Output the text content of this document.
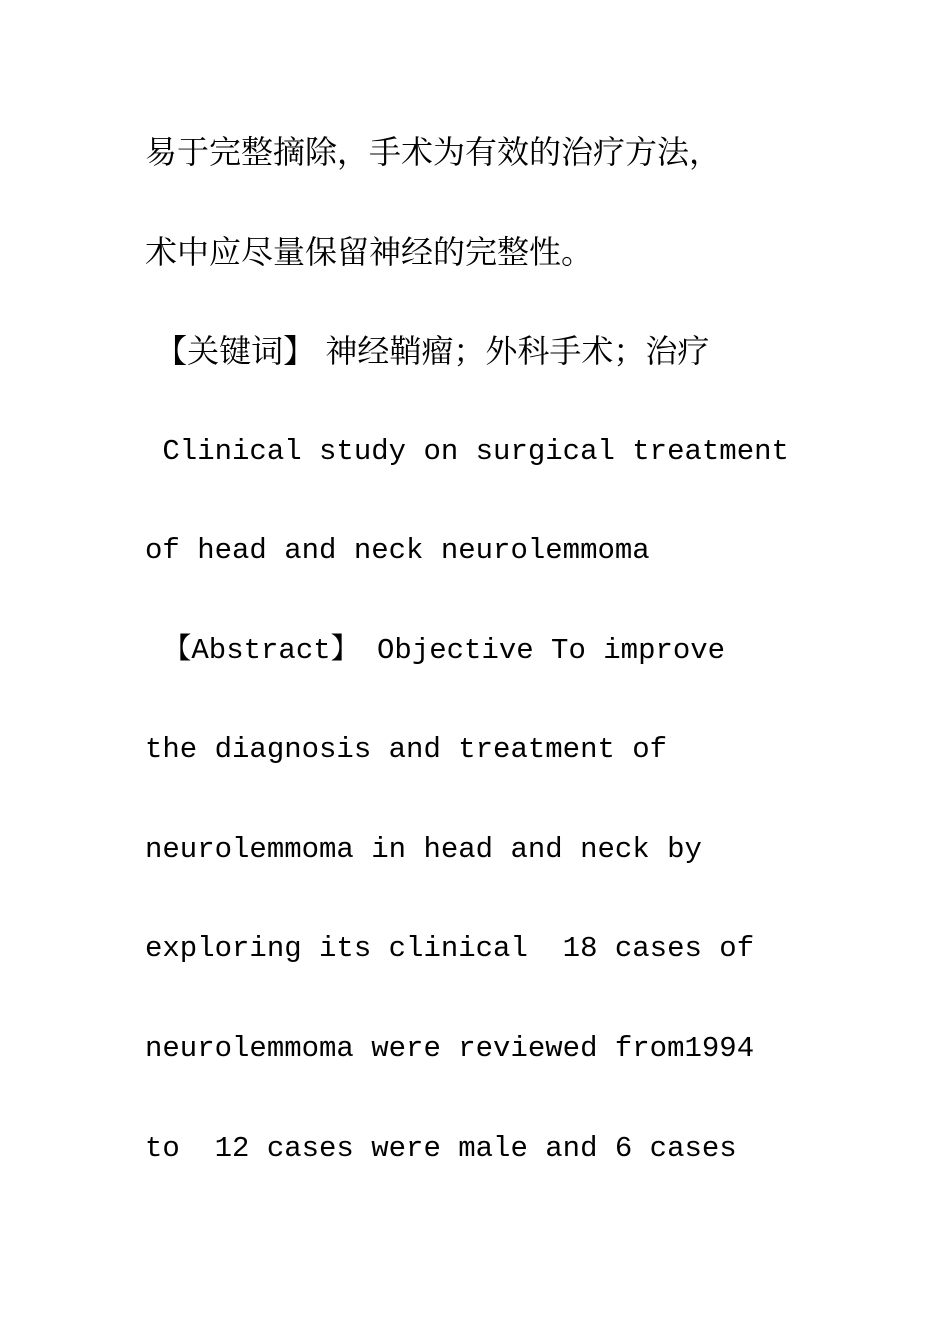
易于完整摘除，手术为有效的治疗方法，
术中应尽量保留神经的完整性。
【关键词】 神经鞘瘤；外科手术；治疗
Clinical study on surgical treatment
of head and neck neurolemmoma
【Abstract】 Objective To improve
the diagnosis and treatment of
neurolemmoma in head and neck by
exploring its clinical  18 cases of
neurolemmoma were reviewed from1994
to  12 cases were male and 6 cases
